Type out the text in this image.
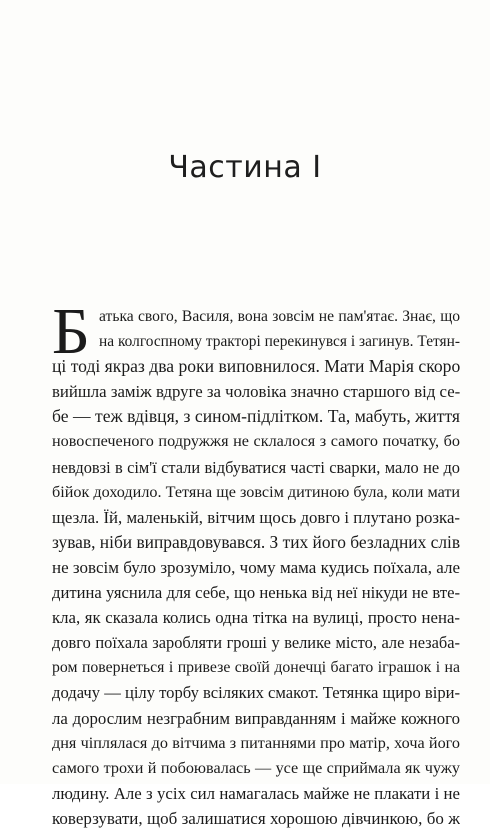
Частина I
Б атька свого, Василя, вона зовсім не пам'ятає. Знає, що
на колгоспному тракторі перекинувся і загинув. Тетян-
ці тоді якраз два роки виповнилося. Мати Марія скоро
вийшла заміж вдруге за чоловіка значно старшого від се-
бе — теж вдівця, з сином-підлітком. Та, мабуть, життя
новоспеченого подружжя не склалося з самого початку, бо
невдовзі в сім'ї стали відбуватися часті сварки, мало не до
бійок доходило. Тетяна ще зовсім дитиною була, коли мати
щезла. Їй, маленькій, вітчим щось довго і плутано розка-
зував, ніби виправдовувався. З тих його безладних слів
не зовсім було зрозуміло, чому мама кудись поїхала, але
дитина уяснила для себе, що ненька від неї нікуди не вте-
кла, як сказала колись одна тітка на вулиці, просто нена-
довго поїхала заробляти гроші у велике місто, але незаба-
ром повернеться і привезе своїй донечці багато іграшок і на
додачу — цілу торбу всіляких смакот. Тетянка щиро віри-
ла дорослим незграбним виправданням і майже кожного
дня чіплялася до вітчима з питаннями про матір, хоча його
самого трохи й побоювалась — усе ще сприймала як чужу
людину. Але з усіх сил намагалась майже не плакати і не
коверзувати, щоб залишатися хорошою дівчинкою, бо ж
